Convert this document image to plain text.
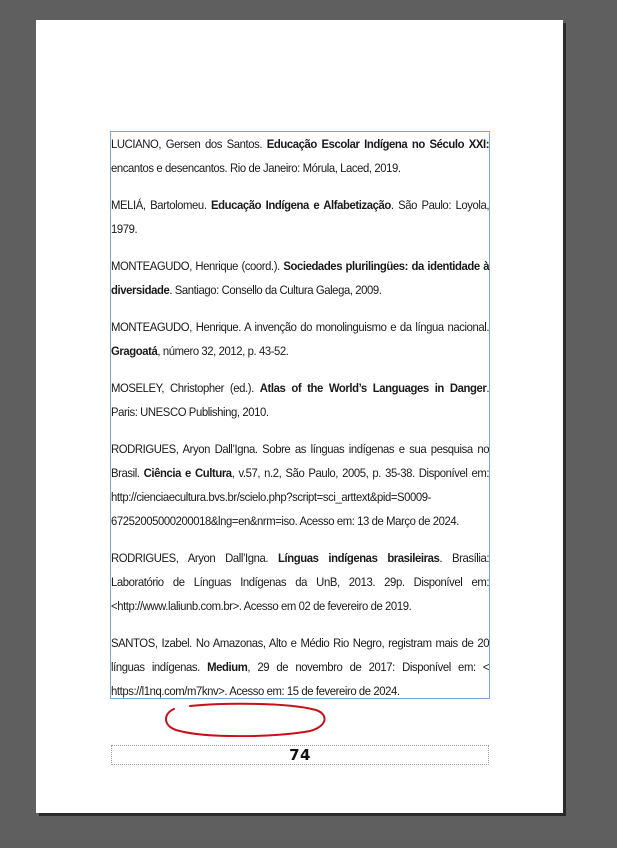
LUCIANO, Gersen dos Santos. Educação Escolar Indígena no Século XXI: encantos e desencantos. Rio de Janeiro: Mórula, Laced, 2019.

MELIÁ, Bartolomeu. Educação Indígena e Alfabetização. São Paulo: Loyola, 1979.

MONTEAGUDO, Henrique (coord.). Sociedades plurilingües: da identidade à diversidade. Santiago: Consello da Cultura Galega, 2009.

MONTEAGUDO, Henrique. A invenção do monolinguismo e da língua nacional. Gragoatá, número 32, 2012, p. 43-52.

MOSELEY, Christopher (ed.). Atlas of the World’s Languages in Danger. Paris: UNESCO Publishing, 2010.

RODRIGUES, Aryon Dall’Igna. Sobre as línguas indígenas e sua pesquisa no Brasil. Ciência e Cultura, v.57, n.2, São Paulo, 2005, p. 35-38. Disponível em: http://cienciaecultura.bvs.br/scielo.php?script=sci_arttext&pid=S0009-67252005000200018&lng=en&nrm=iso. Acesso em: 13 de Março de 2024.

RODRIGUES, Aryon Dall’Igna. Línguas indígenas brasileiras. Brasília: Laboratório de Línguas Indígenas da UnB, 2013. 29p. Disponível em: <http://www.laliunb.com.br>. Acesso em 02 de fevereiro de 2019.

SANTOS, Izabel. No Amazonas, Alto e Médio Rio Negro, registram mais de 20 línguas indígenas. Medium, 29 de novembro de 2017: Disponível em: < https://l1nq.com/m7knv>. Acesso em: 15 de fevereiro de 2024.

74
